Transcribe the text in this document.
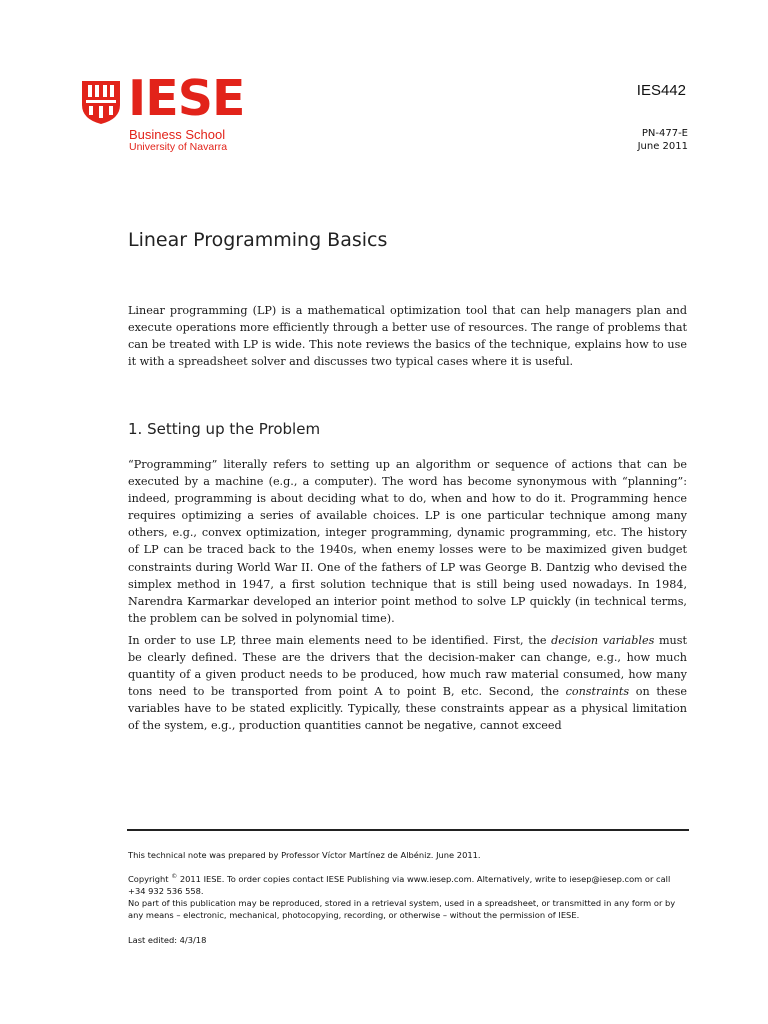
IESE
Business School
University of Navarra
IES442
PN-477-E
June 2011
Linear Programming Basics

Linear programming (LP) is a mathematical optimization tool that can help managers plan and execute operations more efficiently through a better use of resources. The range of problems that can be treated with LP is wide. This note reviews the basics of the technique, explains how to use it with a spreadsheet solver and discusses two typical cases where it is useful.

1. Setting up the Problem

“Programming” literally refers to setting up an algorithm or sequence of actions that can be executed by a machine (e.g., a computer). The word has become synonymous with “planning”: indeed, programming is about deciding what to do, when and how to do it. Programming hence requires optimizing a series of available choices. LP is one particular technique among many others, e.g., convex optimization, integer programming, dynamic programming, etc. The history of LP can be traced back to the 1940s, when enemy losses were to be maximized given budget constraints during World War II. One of the fathers of LP was George B. Dantzig who devised the simplex method in 1947, a first solution technique that is still being used nowadays. In 1984, Narendra Karmarkar developed an interior point method to solve LP quickly (in technical terms, the problem can be solved in polynomial time).

In order to use LP, three main elements need to be identified. First, the decision variables must be clearly defined. These are the drivers that the decision-maker can change, e.g., how much quantity of a given product needs to be produced, how much raw material consumed, how many tons need to be transported from point A to point B, etc. Second, the constraints on these variables have to be stated explicitly. Typically, these constraints appear as a physical limitation of the system, e.g., production quantities cannot be negative, cannot exceed

This technical note was prepared by Professor Víctor Martínez de Albéniz. June 2011.

Copyright © 2011 IESE. To order copies contact IESE Publishing via www.iesep.com. Alternatively, write to iesep@iesep.com or call +34 932 536 558.
No part of this publication may be reproduced, stored in a retrieval system, used in a spreadsheet, or transmitted in any form or by any means – electronic, mechanical, photocopying, recording, or otherwise – without the permission of IESE.

Last edited: 4/3/18
